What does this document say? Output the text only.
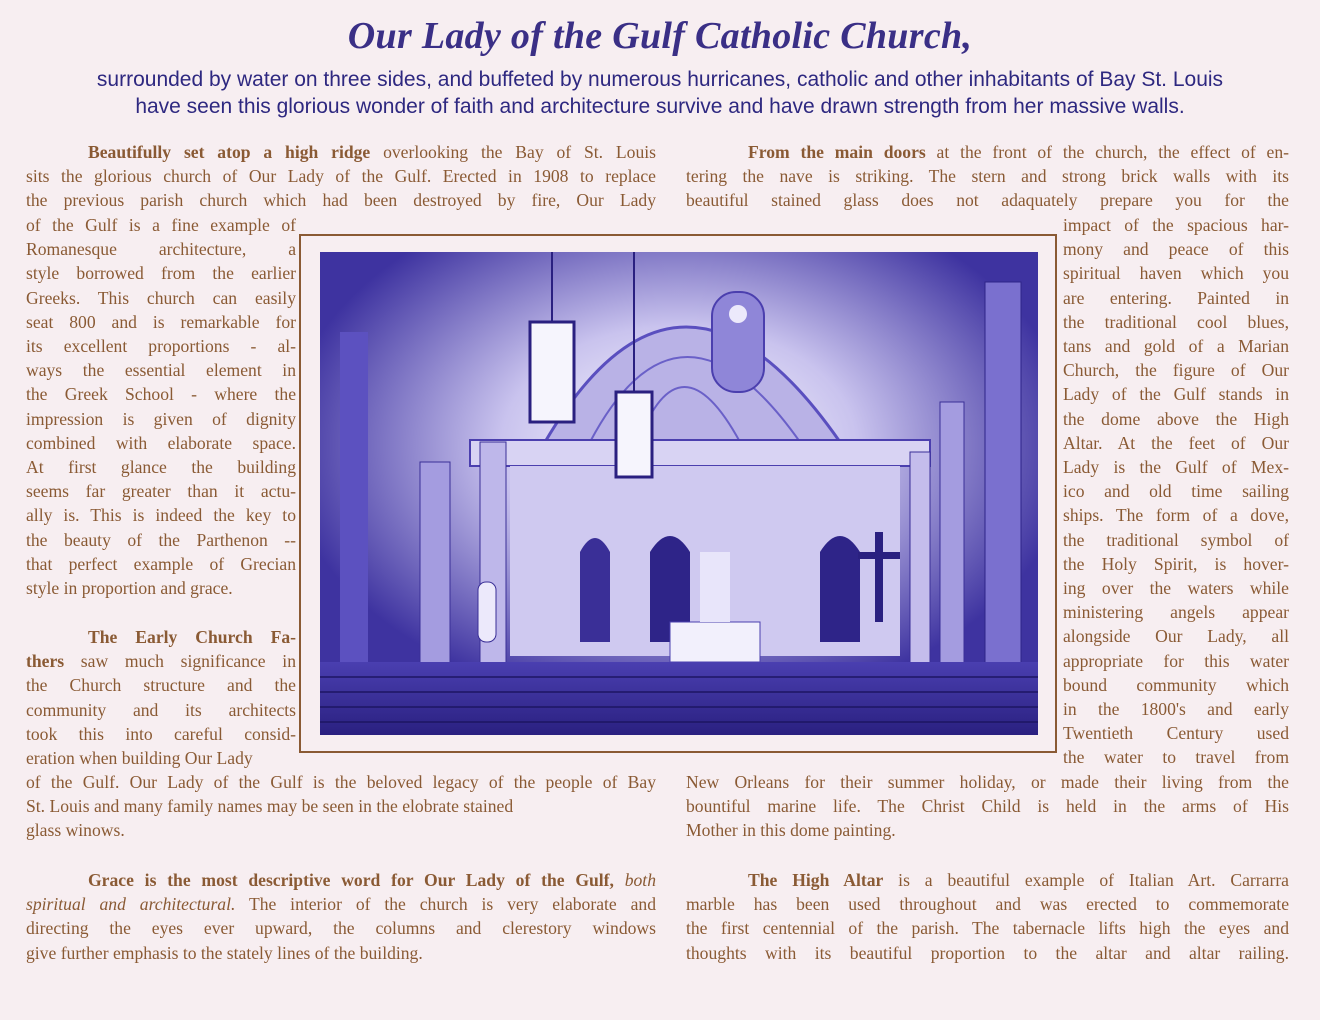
Our Lady of the Gulf Catholic Church,
surrounded by water on three sides, and buffeted by numerous hurricanes, catholic and other inhabitants of Bay St. Louis
have seen this glorious wonder of faith and architecture survive and have drawn strength from her massive walls.
Beautifully set atop a high ridge overlooking the Bay of St. Louis
sits the glorious church of Our Lady of the Gulf. Erected in 1908 to replace
the previous parish church which had been destroyed by fire, Our Lady
of the Gulf is a fine example of
Romanesque architecture, a
style borrowed from the earlier
Greeks. This church can easily
seat 800 and is remarkable for
its excellent proportions - al-
ways the essential element in
the Greek School - where the
impression is given of dignity
combined with elaborate space.
At first glance the building
seems far greater than it actu-
ally is. This is indeed the key to
the beauty of the Parthenon --
that perfect example of Grecian
style in proportion and grace.
The Early Church Fa-
thers saw much significance in
the Church structure and the
community and its architects
took this into careful consid-
eration when building Our Lady
of the Gulf. Our Lady of the Gulf is the beloved legacy of the people of Bay
St. Louis and many family names may be seen in the elobrate stained
glass winows.
Grace is the most descriptive word for Our Lady of the Gulf, both
spiritual and architectural. The interior of the church is very elaborate and
directing the eyes ever upward, the columns and clerestory windows
give further emphasis to the stately lines of the building.
From the main doors at the front of the church, the effect of en-
tering the nave is striking. The stern and strong brick walls with its
beautiful stained glass does not adaquately prepare you for the
impact of the spacious har-
mony and peace of this
spiritual haven which you
are entering. Painted in
the traditional cool blues,
tans and gold of a Marian
Church, the figure of Our
Lady of the Gulf stands in
the dome above the High
Altar. At the feet of Our
Lady is the Gulf of Mex-
ico and old time sailing
ships. The form of a dove,
the traditional symbol of
the Holy Spirit, is hover-
ing over the waters while
ministering angels appear
alongside Our Lady, all
appropriate for this water
bound community which
in the 1800's and early
Twentieth Century used
the water to travel from
New Orleans for their summer holiday, or made their living from the
bountiful marine life. The Christ Child is held in the arms of His
Mother in this dome painting.
The High Altar is a beautiful example of Italian Art. Carrarra
marble has been used throughout and was erected to commemorate
the first centennial of the parish. The tabernacle lifts high the eyes and
thoughts with its beautiful proportion to the altar and altar railing.
